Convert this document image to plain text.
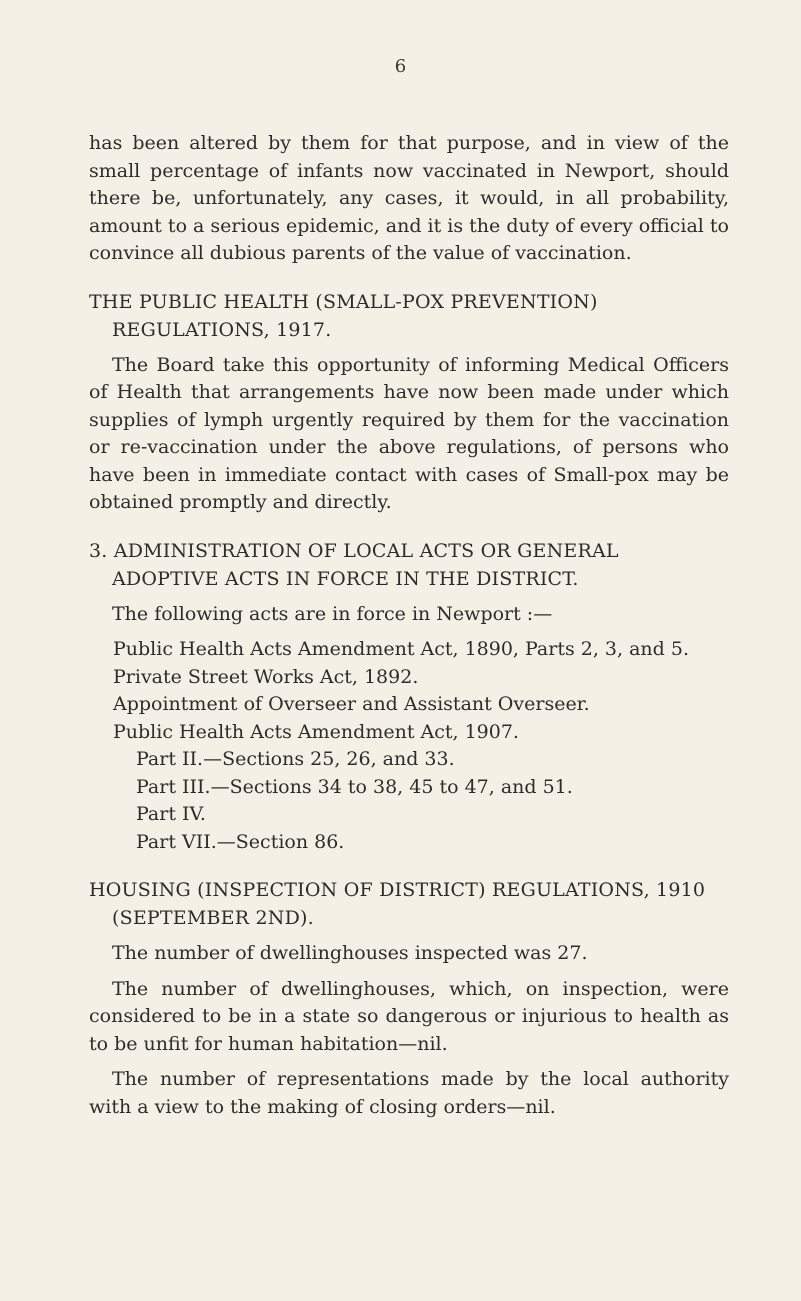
6

has been altered by them for that purpose, and in view of the small percentage of infants now vaccinated in Newport, should there be, unfortunately, any cases, it would, in all probability, amount to a serious epidemic, and it is the duty of every official to convince all dubious parents of the value of vaccination.

THE PUBLIC HEALTH (SMALL-POX PREVENTION) REGULATIONS, 1917.

The Board take this opportunity of informing Medical Officers of Health that arrangements have now been made under which supplies of lymph urgently required by them for the vaccination or re-vaccination under the above regulations, of persons who have been in immediate contact with cases of Small-pox may be obtained promptly and directly.

3. ADMINISTRATION OF LOCAL ACTS OR GENERAL ADOPTIVE ACTS IN FORCE IN THE DISTRICT.

The following acts are in force in Newport :—

Public Health Acts Amendment Act, 1890, Parts 2, 3, and 5.

Private Street Works Act, 1892.

Appointment of Overseer and Assistant Overseer.

Public Health Acts Amendment Act, 1907.

Part II.—Sections 25, 26, and 33.

Part III.—Sections 34 to 38, 45 to 47, and 51.

Part IV.

Part VII.—Section 86.

HOUSING (INSPECTION OF DISTRICT) REGULATIONS, 1910 (SEPTEMBER 2ND).

The number of dwellinghouses inspected was 27.

The number of dwellinghouses, which, on inspection, were considered to be in a state so dangerous or injurious to health as to be unfit for human habitation—nil.

The number of representations made by the local authority with a view to the making of closing orders—nil.
